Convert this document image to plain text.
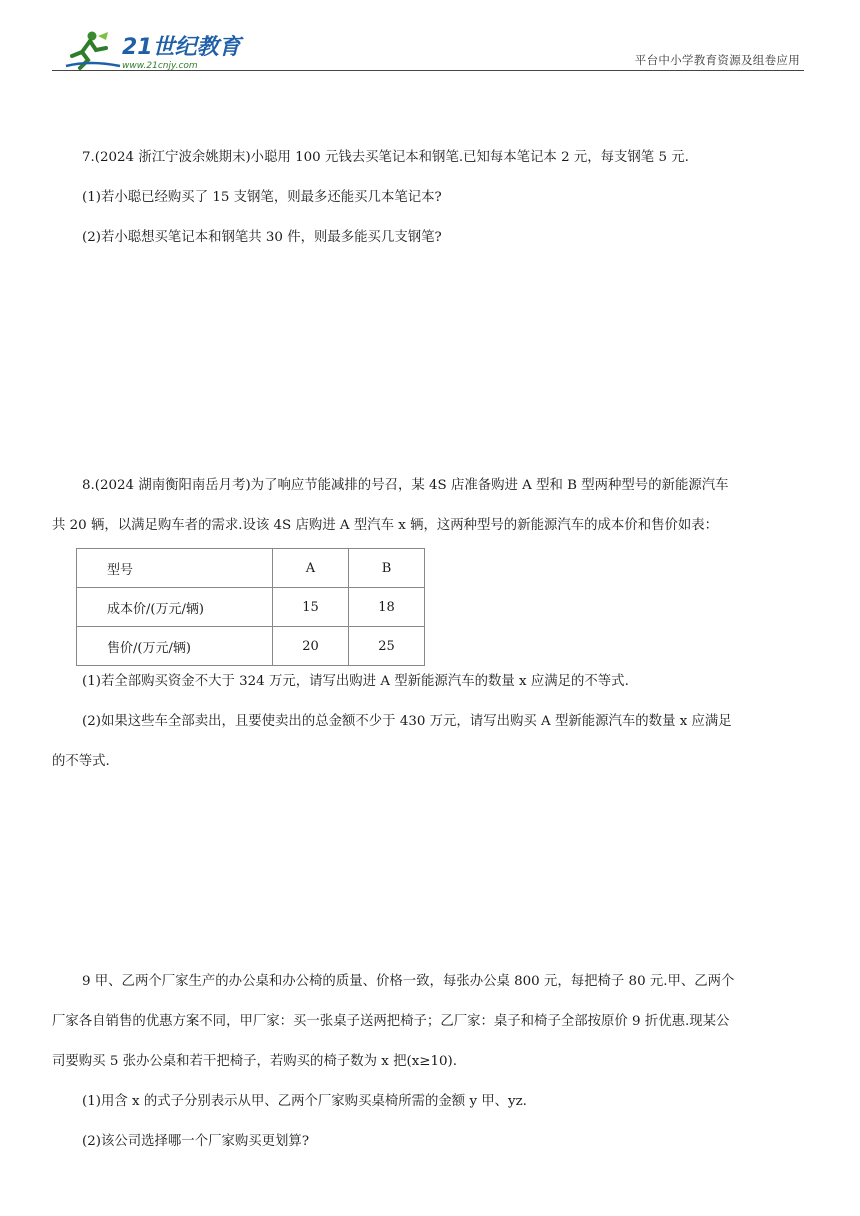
21世纪教育
www.21cnjy.com	平台中小学教育资源及组卷应用
7.(2024 浙江宁波余姚期末)小聪用 100 元钱去买笔记本和钢笔.已知每本笔记本 2 元，每支钢笔 5 元.
(1)若小聪已经购买了 15 支钢笔，则最多还能买几本笔记本?
(2)若小聪想买笔记本和钢笔共 30 件，则最多能买几支钢笔?
8.(2024 湖南衡阳南岳月考)为了响应节能减排的号召，某 4S 店准备购进 A 型和 B 型两种型号的新能源汽车
共 20 辆，以满足购车者的需求.设该 4S 店购进 A 型汽车 x 辆，这两种型号的新能源汽车的成本价和售价如表：
型号	A	B
成本价/(万元/辆)	15	18
售价/(万元/辆)	20	25
(1)若全部购买资金不大于 324 万元，请写出购进 A 型新能源汽车的数量 x 应满足的不等式.
(2)如果这些车全部卖出，且要使卖出的总金额不少于 430 万元，请写出购买 A 型新能源汽车的数量 x 应满足
的不等式.
9 甲、乙两个厂家生产的办公桌和办公椅的质量、价格一致，每张办公桌 800 元，每把椅子 80 元.甲、乙两个
厂家各自销售的优惠方案不同，甲厂家：买一张桌子送两把椅子；乙厂家：桌子和椅子全部按原价 9 折优惠.现某公
司要购买 5 张办公桌和若干把椅子，若购买的椅子数为 x 把(x≥10).
(1)用含 x 的式子分别表示从甲、乙两个厂家购买桌椅所需的金额 y 甲、yz.
(2)该公司选择哪一个厂家购买更划算?
